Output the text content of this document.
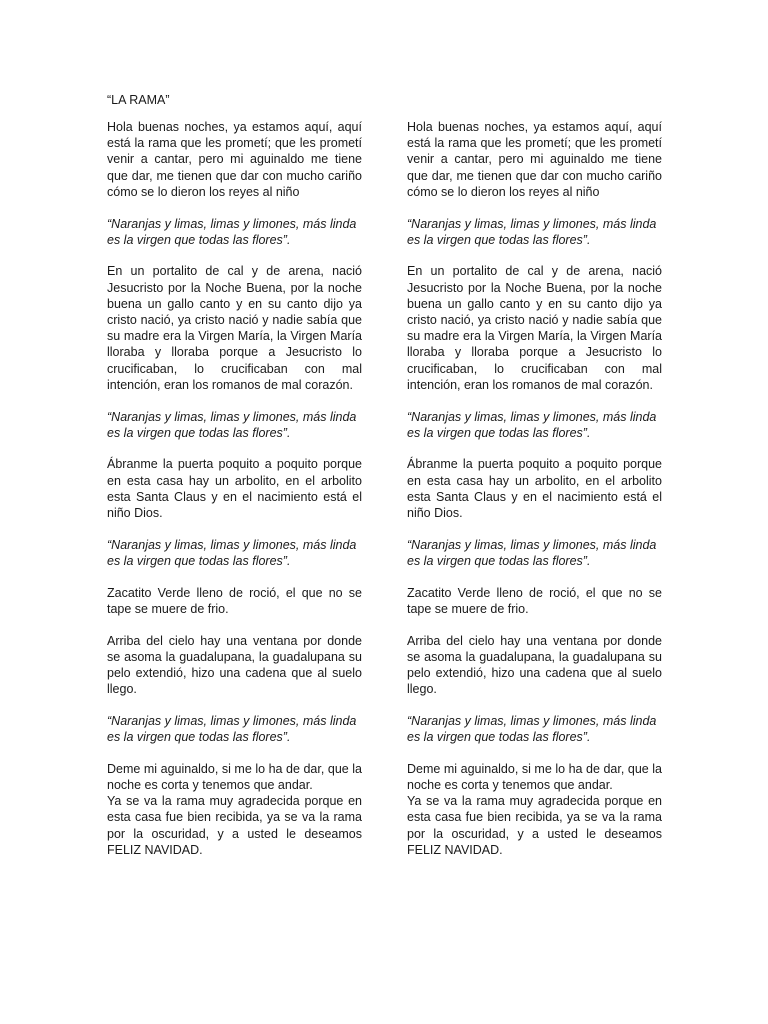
“LA RAMA”

Hola buenas noches, ya estamos aquí, aquí está la rama que les prometí; que les prometí venir a cantar, pero mi aguinaldo me tiene que dar, me tienen que dar con mucho cariño cómo se lo dieron los reyes al niño

“Naranjas y limas, limas y limones, más linda es la virgen que todas las flores”.

En un portalito de cal y de arena, nació Jesucristo por la Noche Buena, por la noche buena un gallo canto y en su canto dijo ya cristo nació, ya cristo nació y nadie sabía que su madre era la Virgen María, la Virgen María lloraba y lloraba porque a Jesucristo lo crucificaban, lo crucificaban con mal intención, eran los romanos de mal corazón.

“Naranjas y limas, limas y limones, más linda es la virgen que todas las flores”.

Ábranme la puerta poquito a poquito porque en esta casa hay un arbolito, en el arbolito esta Santa Claus y en el nacimiento está el niño Dios.

“Naranjas y limas, limas y limones, más linda es la virgen que todas las flores”.

Zacatito Verde lleno de roció, el que no se tape se muere de frio.

Arriba del cielo hay una ventana por donde se asoma la guadalupana, la guadalupana su pelo extendió, hizo una cadena que al suelo llego.

“Naranjas y limas, limas y limones, más linda es la virgen que todas las flores”.

Deme mi aguinaldo, si me lo ha de dar, que la noche es corta y tenemos que andar.

Ya se va la rama muy agradecida porque en esta casa fue bien recibida, ya se va la rama por la oscuridad, y a usted le deseamos FELIZ NAVIDAD.

Hola buenas noches, ya estamos aquí, aquí está la rama que les prometí; que les prometí venir a cantar, pero mi aguinaldo me tiene que dar, me tienen que dar con mucho cariño cómo se lo dieron los reyes al niño

“Naranjas y limas, limas y limones, más linda es la virgen que todas las flores”.

En un portalito de cal y de arena, nació Jesucristo por la Noche Buena, por la noche buena un gallo canto y en su canto dijo ya cristo nació, ya cristo nació y nadie sabía que su madre era la Virgen María, la Virgen María lloraba y lloraba porque a Jesucristo lo crucificaban, lo crucificaban con mal intención, eran los romanos de mal corazón.

“Naranjas y limas, limas y limones, más linda es la virgen que todas las flores”.

Ábranme la puerta poquito a poquito porque en esta casa hay un arbolito, en el arbolito esta Santa Claus y en el nacimiento está el niño Dios.

“Naranjas y limas, limas y limones, más linda es la virgen que todas las flores”.

Zacatito Verde lleno de roció, el que no se tape se muere de frio.

Arriba del cielo hay una ventana por donde se asoma la guadalupana, la guadalupana su pelo extendió, hizo una cadena que al suelo llego.

“Naranjas y limas, limas y limones, más linda es la virgen que todas las flores”.

Deme mi aguinaldo, si me lo ha de dar, que la noche es corta y tenemos que andar.

Ya se va la rama muy agradecida porque en esta casa fue bien recibida, ya se va la rama por la oscuridad, y a usted le deseamos FELIZ NAVIDAD.
